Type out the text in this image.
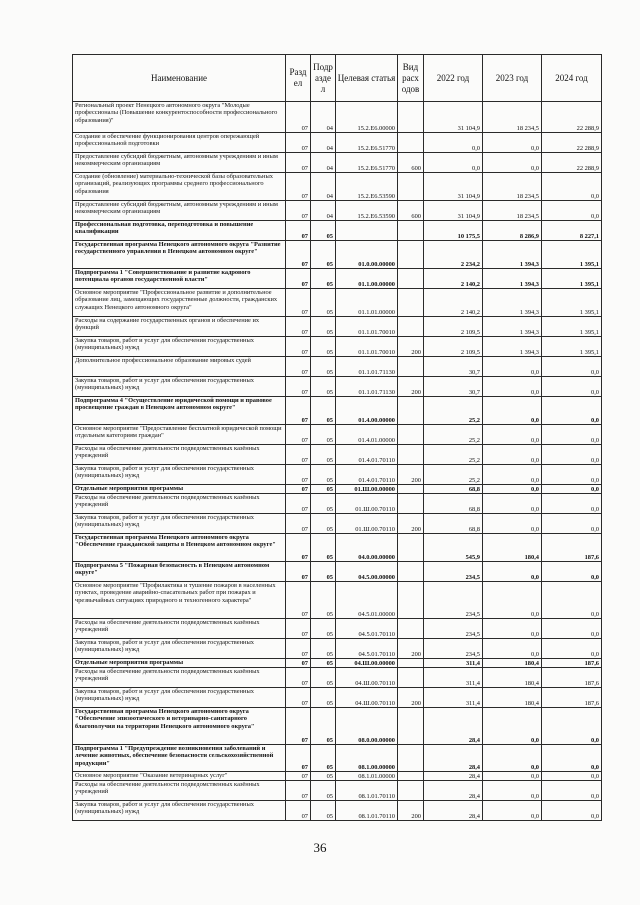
Наименование	Разд ел	Подр азде л	Целевая статья	Вид расх одов	2022 год	2023 год	2024 год
Региональный проект Ненецкого автономного округа "Молодые профессионалы (Повышение конкурентоспособности профессионального образования)"	07	04	15.2.Е6.00000		31 104,9	18 234,5	22 288,9
Создание и обеспечение функционирования центров опережающей профессиональной подготовки	07	04	15.2.Е6.51770		0,0	0,0	22 288,9
Предоставление субсидий бюджетным, автономным учреждениям и иным некоммерческим организациям	07	04	15.2.Е6.51770	600	0,0	0,0	22 288,9
Создание (обновление) материально-технической базы образовательных организаций, реализующих программы среднего профессионального образования	07	04	15.2.Е6.53590		31 104,9	18 234,5	0,0
Предоставление субсидий бюджетным, автономным учреждениям и иным некоммерческим организациям	07	04	15.2.Е6.53590	600	31 104,9	18 234,5	0,0
Профессиональная подготовка, переподготовка и повышение квалификации	07	05			10 175,5	8 286,9	8 227,1
Государственная программа Ненецкого автономного округа "Развитие государственного управления в Ненецком автономном округе"	07	05	01.0.00.00000		2 234,2	1 394,3	1 395,1
Подпрограмма 1 "Совершенствование и развитие кадрового потенциала органов государственной власти"	07	05	01.1.00.00000		2 140,2	1 394,3	1 395,1
Основное мероприятие "Профессиональное развитие и дополнительное образование лиц, замещающих государственные должности, гражданских служащих Ненецкого автономного округа"	07	05	01.1.01.00000		2 140,2	1 394,3	1 395,1
Расходы на содержание государственных органов и обеспечение их функций	07	05	01.1.01.70010		2 109,5	1 394,3	1 395,1
Закупка товаров, работ и услуг для обеспечения государственных (муниципальных) нужд	07	05	01.1.01.70010	200	2 109,5	1 394,3	1 395,1
Дополнительное профессиональное образование мировых судей	07	05	01.1.01.71130		30,7	0,0	0,0
Закупка товаров, работ и услуг для обеспечения государственных (муниципальных) нужд	07	05	01.1.01.71130	200	30,7	0,0	0,0
Подпрограмма 4 "Осуществление юридической помощи и правовое просвещение граждан в Ненецком автономном округе"	07	05	01.4.00.00000		25,2	0,0	0,0
Основное мероприятие "Предоставление бесплатной юридической помощи отдельным категориям граждан"	07	05	01.4.01.00000		25,2	0,0	0,0
Расходы на обеспечение деятельности подведомственных казённых учреждений	07	05	01.4.01.70110		25,2	0,0	0,0
Закупка товаров, работ и услуг для обеспечения государственных (муниципальных) нужд	07	05	01.4.01.70110	200	25,2	0,0	0,0
Отдельные мероприятия программы	07	05	01.Ш.00.00000		68,8	0,0	0,0
Расходы на обеспечение деятельности подведомственных казённых учреждений	07	05	01.Ш.00.70110		68,8	0,0	0,0
Закупка товаров, работ и услуг для обеспечения государственных (муниципальных) нужд	07	05	01.Ш.00.70110	200	68,8	0,0	0,0
Государственная программа Ненецкого автономного округа "Обеспечение гражданской защиты в Ненецком автономном округе"	07	05	04.0.00.00000		545,9	180,4	187,6
Подпрограмма 5 "Пожарная безопасность в Ненецком автономном округе"	07	05	04.5.00.00000		234,5	0,0	0,0
Основное мероприятие "Профилактика и тушение пожаров в населенных пунктах, проведение аварийно-спасательных работ при пожарах и чрезвычайных ситуациях природного и техногенного характера"	07	05	04.5.01.00000		234,5	0,0	0,0
Расходы на обеспечение деятельности подведомственных казённых учреждений	07	05	04.5.01.70110		234,5	0,0	0,0
Закупка товаров, работ и услуг для обеспечения государственных (муниципальных) нужд	07	05	04.5.01.70110	200	234,5	0,0	0,0
Отдельные мероприятия программы	07	05	04.Ш.00.00000		311,4	180,4	187,6
Расходы на обеспечение деятельности подведомственных казённых учреждений	07	05	04.Ш.00.70110		311,4	180,4	187,6
Закупка товаров, работ и услуг для обеспечения государственных (муниципальных) нужд	07	05	04.Ш.00.70110	200	311,4	180,4	187,6
Государственная программа Ненецкого автономного округа "Обеспечение эпизоотического и ветеринарно-санитарного благополучия на территории Ненецкого автономного округа"	07	05	08.0.00.00000		28,4	0,0	0,0
Подпрограмма 1 "Предупреждение возникновения заболеваний и лечение животных, обеспечение безопасности сельскохозяйственной продукции"	07	05	08.1.00.00000		28,4	0,0	0,0
Основное мероприятие "Оказание ветеринарных услуг"	07	05	08.1.01.00000		28,4	0,0	0,0
Расходы на обеспечение деятельности подведомственных казённых учреждений	07	05	08.1.01.70110		28,4	0,0	0,0
Закупка товаров, работ и услуг для обеспечения государственных (муниципальных) нужд	07	05	08.1.01.70110	200	28,4	0,0	0,0
36
